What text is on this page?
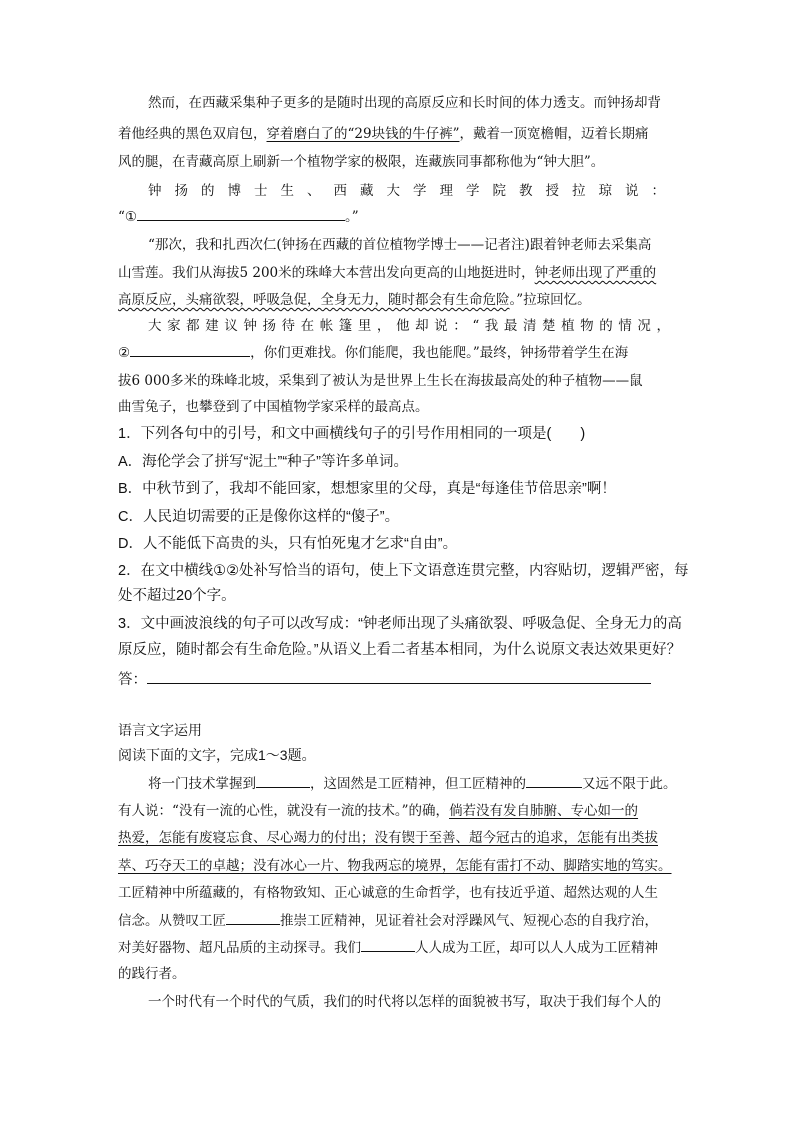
然而，在西藏采集种子更多的是随时出现的高原反应和长时间的体力透支。而钟扬却背
着他经典的黑色双肩包，穿着磨白了的“29块钱的牛仔裤”，戴着一顶宽檐帽，迈着长期痛
风的腿，在青藏高原上刷新一个植物学家的极限，连藏族同事都称他为“钟大胆”。
钟扬的博士生、西藏大学理学院教授拉琼说：
“①	。”
“那次，我和扎西次仁(钟扬在西藏的首位植物学博士——记者注)跟着钟老师去采集高
山雪莲。我们从海拔5 200米的珠峰大本营出发向更高的山地挺进时，钟老师出现了严重的
高原反应，头痛欲裂，呼吸急促，全身无力，随时都会有生命危险。”拉琼回忆。
大家都建议钟扬待在帐篷里，他却说：“我最清楚植物的情况，
②	，你们更难找。你们能爬，我也能爬。”最终，钟扬带着学生在海
拔6 000多米的珠峰北坡，采集到了被认为是世界上生长在海拔最高处的种子植物——鼠
曲雪兔子，也攀登到了中国植物学家采样的最高点。
1．下列各句中的引号，和文中画横线句子的引号作用相同的一项是(　　)
A．海伦学会了拼写“泥土”“种子”等许多单词。
B．中秋节到了，我却不能回家，想想家里的父母，真是“每逢佳节倍思亲”啊！
C．人民迫切需要的正是像你这样的“傻子”。
D．人不能低下高贵的头，只有怕死鬼才乞求“自由”。
2．在文中横线①②处补写恰当的语句，使上下文语意连贯完整，内容贴切，逻辑严密，每
处不超过20个字。
3．文中画波浪线的句子可以改写成：“钟老师出现了头痛欲裂、呼吸急促、全身无力的高
原反应，随时都会有生命危险。”从语义上看二者基本相同，为什么说原文表达效果更好？
答：
语言文字运用
阅读下面的文字，完成1～3题。
将一门技术掌握到	，这固然是工匠精神，但工匠精神的	又远不限于此。
有人说：“没有一流的心性，就没有一流的技术。”的确，倘若没有发自肺腑、专心如一的
热爱，怎能有废寝忘食、尽心竭力的付出；没有锲于至善、超今冠古的追求，怎能有出类拔
萃、巧夺天工的卓越；没有冰心一片、物我两忘的境界，怎能有雷打不动、脚踏实地的笃实。
工匠精神中所蕴藏的，有格物致知、正心诚意的生命哲学，也有技近乎道、超然达观的人生
信念。从赞叹工匠	推崇工匠精神，见证着社会对浮躁风气、短视心态的自我疗治，
对美好器物、超凡品质的主动探寻。我们	人人成为工匠，却可以人人成为工匠精神
的践行者。
一个时代有一个时代的气质，我们的时代将以怎样的面貌被书写，取决于我们每个人的
